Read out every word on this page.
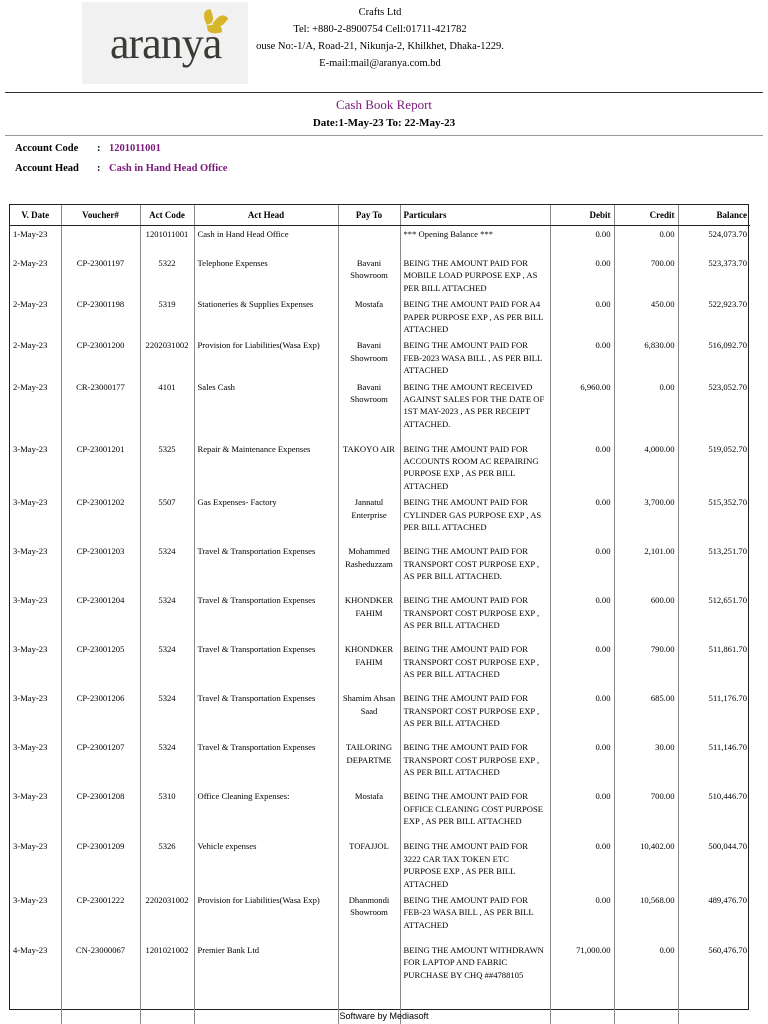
aranya
Crafts Ltd
Tel: +880-2-8900754 Cell:01711-421782
ouse No:-1/A, Road-21, Nikunja-2, Khilkhet, Dhaka-1229.
E-mail:mail@aranya.com.bd
Cash Book Report
Date:1-May-23 To: 22-May-23
Account Code : 1201011001
Account Head : Cash in Hand Head Office
V. Date	Voucher#	Act Code	Act Head	Pay To	Particulars	Debit	Credit	Balance
1-May-23		1201011001	Cash in Hand Head Office		*** Opening Balance ***	0.00	0.00	524,073.70
2-May-23	CP-23001197	5322	Telephone Expenses	Bavani Showroom	BEING THE AMOUNT PAID FOR MOBILE LOAD PURPOSE EXP , AS PER BILL ATTACHED	0.00	700.00	523,373.70
2-May-23	CP-23001198	5319	Stationeries & Supplies Expenses	Mostafa	BEING THE AMOUNT PAID FOR A4 PAPER PURPOSE EXP , AS PER BILL ATTACHED	0.00	450.00	522,923.70
2-May-23	CP-23001200	2202031002	Provision for Liabilities(Wasa Exp)	Bavani Showroom	BEING THE AMOUNT PAID FOR FEB-2023 WASA BILL , AS PER BILL ATTACHED	0.00	6,830.00	516,092.70
2-May-23	CR-23000177	4101	Sales Cash	Bavani Showroom	BEING THE AMOUNT RECEIVED AGAINST SALES FOR THE DATE OF 1ST MAY-2023 , AS PER RECEIPT ATTACHED.	6,960.00	0.00	523,052.70
3-May-23	CP-23001201	5325	Repair & Maintenance Expenses	TAKOYO AIR	BEING THE AMOUNT PAID FOR ACCOUNTS ROOM AC REPAIRING PURPOSE EXP , AS PER BILL ATTACHED	0.00	4,000.00	519,052.70
3-May-23	CP-23001202	5507	Gas Expenses- Factory	Jannatul Enterprise	BEING THE AMOUNT PAID FOR CYLINDER GAS PURPOSE EXP , AS PER BILL ATTACHED	0.00	3,700.00	515,352.70
3-May-23	CP-23001203	5324	Travel & Transportation Expenses	Mohammed Rasheduzzam	BEING THE AMOUNT PAID FOR TRANSPORT COST PURPOSE EXP , AS PER BILL ATTACHED.	0.00	2,101.00	513,251.70
3-May-23	CP-23001204	5324	Travel & Transportation Expenses	KHONDKER FAHIM	BEING THE AMOUNT PAID FOR TRANSPORT COST PURPOSE EXP , AS PER BILL ATTACHED	0.00	600.00	512,651.70
3-May-23	CP-23001205	5324	Travel & Transportation Expenses	KHONDKER FAHIM	BEING THE AMOUNT PAID FOR TRANSPORT COST PURPOSE EXP , AS PER BILL ATTACHED	0.00	790.00	511,861.70
3-May-23	CP-23001206	5324	Travel & Transportation Expenses	Shamim Ahsan Saad	BEING THE AMOUNT PAID FOR TRANSPORT COST PURPOSE EXP , AS PER BILL ATTACHED	0.00	685.00	511,176.70
3-May-23	CP-23001207	5324	Travel & Transportation Expenses	TAILORING DEPARTME	BEING THE AMOUNT PAID FOR TRANSPORT COST PURPOSE EXP , AS PER BILL ATTACHED	0.00	30.00	511,146.70
3-May-23	CP-23001208	5310	Office Cleaning Expenses:	Mostafa	BEING THE AMOUNT PAID FOR OFFICE CLEANING COST PURPOSE EXP , AS PER BILL ATTACHED	0.00	700.00	510,446.70
3-May-23	CP-23001209	5326	Vehicle expenses	TOFAJJOL	BEING THE AMOUNT PAID FOR 3222 CAR TAX TOKEN ETC PURPOSE EXP , AS PER BILL ATTACHED	0.00	10,402.00	500,044.70
3-May-23	CP-23001222	2202031002	Provision for Liabilities(Wasa Exp)	Dhanmondi Showroom	BEING THE AMOUNT PAID FOR FEB-23 WASA BILL , AS PER BILL ATTACHED	0.00	10,568.00	489,476.70
4-May-23	CN-23000067	1201021002	Premier Bank Ltd		BEING THE AMOUNT WITHDRAWN FOR LAPTOP AND FABRIC PURCHASE BY CHQ ##4788105	71,000.00	0.00	560,476.70

Software by Mediasoft
